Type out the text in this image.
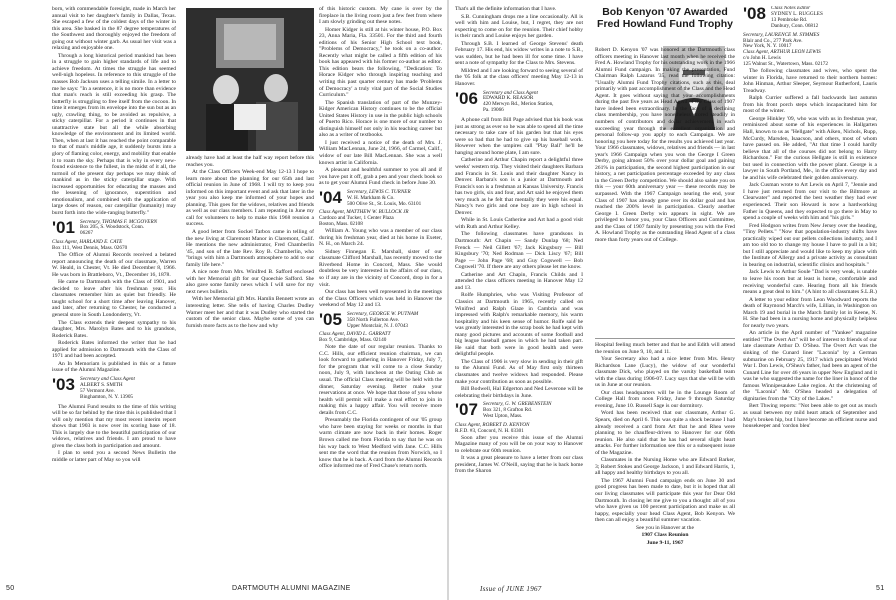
born, with commendable foresight, made in March her annual visit to her daughter's family in Dallas, Texas. She escaped a few of the coldest days of the winter in this area. She basked in the 87 degree temperatures of the Southwest and thoroughly enjoyed the freedom of going out without winter garb. As usual her visit was a relaxing and enjoyable one.

Through a long historical period mankind has been in a struggle to gain higher standards of life and to achieve freedom. At times the struggle has seemed well-nigh hopeless. In reference to this struggle of the masses Bob Jackson uses a telling simile. In a letter to me he says: "In a sentence, it is no more than evidence that man's reach is still exceeding his grasp. The butterfly is struggling to free itself from the cocoon. In time it emerges from its envelope into the sun but as an ugly, crawling thing, to be avoided as repulsive, a sticky caterpillar. For a period it continues in that unattractive state but all the while absorbing knowledge of the environment and its limited world. Then, when at last it has reached the point comparable to that of man's middle age, it suddenly bursts into a glory of flaming color, energy, and mobility that enable it to roam the sky. Perhaps that is why in every new-found existence to the fullest, in the midst of it all, the turmoil of the present day perhaps we may think of mankind as in the sticky caterpillar stage. With increased opportunities for educating the masses and the lessening of ignorance, superstition and emotionalism, and combined with the application of large doses of reason, our caterpillar (humanity) may burst forth into the wide-ranging butterfly."

'01 Secretary, THOMAS F. MCGOVERN
Box 205, S. Woodstock, Conn.
06267
Class Agent, HARLAND E. CATE
Box 111, West Dennis, Mass. 02670

The Office of Alumni Records received a belated report announcing the death of our classmate, Warren W. Heald, in Chester, Vt. He died December 8, 1966. He was born in Brattleboro, Vt., December 16, 1878.

He came to Dartmouth with the Class of 1901, and decided to leave after his freshman year. His classmates remember him as quiet but friendly. He taught school for a short time after leaving Hanover, and later, after returning to Chester, he conducted a general store in South Londonderry, Vt.

The Class extends their deepest sympathy to his daughter, Mrs. Marolyn Bates and to his grandson, Roderick Bates.

Roderick Bates informed the writer that he had applied for admission to Dartmouth with the Class of 1971 and had been accepted.

An In Memoriam is published in this or a future issue of the Alumni Magazine.

'03 Secretary and Class Agent
ALBERT S. SMITH
57 Vermont Ave.
Binghamton, N. Y. 13905

The Alumni Fund results to the time of this writing will be so far behind by the time this is published that I will only mention that my most recent interim report shows that 1903 is now over its scoring base of 18. This is largely due to the beautiful participation of our widows, relatives and friends. I am proud to have given the class both in participation and amount.

I plan to send you a second News Bulletin the middle or latter part of May so you will

already have had at least the half way report before this reaches you.

At the Class Officers Week-end May 12-13 I hope to learn more about the planning for our 65th and last official reunion in June of 1968. I will try to keep you informed on this important event and ask that later in the year you also keep me informed of your hopes and planning. This goes for the widows, relatives and friends as well as our class members. I am repeating in June my call for volunteers to help to make this 1968 reunion a success.

A good letter from Sockel Tarbox came in telling of the new living at Claremont Manor in Claremont, Calif. He mentions the new administrator, Fred Chamberlin '45, and son of the late Rev. Roy B. Chamberlin, who "brings with him a Dartmouth atmosphere to add to our family life here."

A nice note from Mrs. Winifred B. Safford enclosed with her Memorial gift for our Quoechie Safford. She also gave some family news which I will save for my next news bulletin.

With her Memorial gift Mrs. Hamlin Bennett wrote an interesting letter. She tells of having Charles Dudley Warner meet her and that it was Dudley who started the custom of the senior class. Maybe some of you can furnish more facts as to the how and why

of this historic custom. My cane is over by the fireplace in the living room just a few feet from where I am slowly grinding out these notes.

Homer Kidger is still at his winter house, P.O. Box 23, Anna Maria, Fla. 33501. For the third and fourth editions of his Senior High School text book, "Problems of Democracy," he took on a co-author. Recently what might be called a fifth edition of his book has appeared with his former co-author as editor. This edition bears the following, "Dedication: To Horace Kidger who through inspiring teaching and writing this past quarter century has made 'Problems of Democracy' a truly vital part of the Social Studies Curriculum."

The Spanish translation of part of the Munzey-Kidger American History continues to be the official United States History in use in the public high schools of Puerto Rico. Horace is one more of our number to distinguish himself not only in his teaching career but also as a writer of textbooks.

I just received a notice of the death of Mrs. J. William MacLennan, June 24, 1966, of Carmel, Calif., widow of our late Bill MacLennan. She was a well known artist in California.

A pleasant and healthful summer to you all and if you have put it off, grab a pen and your check book so as to get your Alumni Fund check in before June 30.

'04 Secretary, LEWIS C. TURNER
W. H. Markham & Co.
500 Olive St., St. Louis, Mo. 63101
Class Agent, MATTHEW W. BULLOCK JR
Cardozo and Tucker, 1 Center Plaza
Boston, Mass. 02108

William A. Young who was a member of our class during his freshman year, died at his home in Exeter, N. H., on March 24.

Sidney Finnegan E. Marshall, sister of our classmate Clifford Marshall, has recently moved to the Riverbend Home in Concord, Mass. She would doubtless be very interested in the affairs of our class, so if any are in the vicinity of Concord, drop in for a visit.

Our class has been well represented in the meetings of the Class Officers which was held in Hanover the weekend of May 12 and 13.

'05 Secretary, GEORGE W. PUTNAM
358 North Fullerton Ave.
Upper Montclair, N. J. 07043
Class Agent, DAVID L. GARRATT
Box 9, Cambridge, Mass. 02140

Note the date of our regular reunion. Thanks to C.C. Hills, our efficient reunion chairman, we can look forward to gathering in Hanover Friday, July 7, for the program that will come to a close Sunday noon, July 9, with luncheon at the Outing Club as usual. The official Class meeting will be held with the dinner, Saturday evening. Better make your reservations at once. We hope that those of you whose health will permit will make a real effort to join in making this a happy affair. You will receive more details from C.C.

Presumably the Florida contingent of our '05 group who have been staying for weeks or months in that warm climate are now back in their homes. Roger Brown called me from Florida to say that he was on his way back to West Medford with Jane. C.C. Hills sent me the word that the reunion from Norwich, so I know that he is back. A card from the Alumni Records office informed me of Fred Chase's return north.

That's all the definite information that I have.

S.B. Cunningham drops me a line occasionally. All is well with him and Louise, but, I regret, they are not expecting to come on for the reunion. Their chief hobby is their ranch and Louise enjoys her garden.

Through S.B. I learned of George Stevens' death February 17. His end, his widow writes in a note to S.B., was sudden, but he had been ill for some time. I have sent a note of sympathy for the Class to Mrs. Stevens.

Mildred and I are looking forward to seeing several of the '05 folk at the class officers' meeting May 12-13 in Hanover.

'06 Secretary and Class Agent
EDWARD K. REASOR
420 Merwyn Rd., Merion Station,
Pa. 19066

A phone call from Bill Page advised that his book was just as strong as ever so he was able to spend all the time necessary to take care of his garden but that his eyes were so bad that he had to give up his baseball work. However when the umpires call "Play Ball" he'll be hanging around home plate, I am sure.

Catherine and Arthur Chapin report a delightful three weeks' western trip. They visited their daughters Barbara and Francis in St. Louis and their daughter Nancy in Denver. Barbara's son is a junior at Dartmouth and Francis's son is a freshman at Kansas University. Francis has two girls, six and four, and Art said he enjoyed them very much as he felt that mentally they were his equal. Nancy's two girls and one boy are in high school in Denver.

While in St. Louis Catherine and Art had a good visit with Ruth and Arthur Kelley.

The following classmates have grandsons in Dartmouth: Art Chapin — Sandy Dunlap '68; Ned Frenck — Neil Gillett '67; Jack Kingsbury — Bill Kingsbury '70; Ned Rodman — Dick Liscy '67; Bill Page — John Page '68; and Guy Cogswell — Bob Cogswell '70. If there are any others please let me know.

Catherine and Art Chapin, Francis Childs and I attended the class officers meeting in Hanover May 12 and 13.

Rolfe Humphries, who was Visiting Professor of Classics at Dartmouth in 1965, recently called on Winifred and Ralph Glaze in Cambria and was impressed with Ralph's remarkable memory, his warm hospitality and his keen sense of humor. Rolfe said he was greatly interested in the scrap book he had kept with many good pictures and accounts of some football and big league baseball games in which he had taken part. He said that both were in good health and were delightful people.

The Class of 1906 is very slow in sending in their gift to the Alumni Fund. As of May first only thirteen classmates and twelve widows had responded. Please make your contribution as soon as possible.

Bill Bodwell, Hal Edgerton and Ned Leverone will be celebrating their birthdays in June.

'07 Secretary, G. W. GREBENSTEIN
Box 321, 8 Grafton Rd.
West Upton, Mass.
Class Agent, ROBERT D. KENYON
R.F.D. #3, Concord, N. H. 03301

Soon after you receive this issue of the Alumni Magazine many of you will be on your way to Hanover to celebrate our 60th reunion.

It was a great pleasure to have a letter from our class president, James W. O'Neill, saying that he is back home from the Sharon

Bob Kenyon '07 Awarded
Fred Howland Fund Trophy

Robert D. Kenyon '07 was honored at the Dartmouth class officers meeting in Hanover last month when he received the Fred A. Howland Trophy for his outstanding work in the 1966 Alumni Fund campaign. In making the presentation, Fund Chairman Ralph Lazarus '35, read the following citation: "Usually Alumni Fund Trophy citations, such as this, deal primarily with past accomplishment of the Class and the Head Agent. It goes without saying that your accomplishments during the past five years as Head Agent of the Class of 1907 have indeed been extraordinary. In the face of a declining class membership, you have nonetheless scored steadily in numbers of contributors and dollar achievement in each succeeding year through the excellent organization and personal follow-up you apply to each Campaign. We are honoring you here today for the results you achieved last year. Your 1966 classmates, widows, relatives and friends — in last year's 1966 Campaign when you won the George I Green Derby, going almost 50% over your dollar goal and gaining 261% in participation, the second highest participation in our history, a net participation percentage exceeded by any class in the Green Derby competition. We should also salute you on this — your 60th anniversary year — these records may be surpassed. With the 1967 Campaign nearing the end, your Class of 1907 has already gone over its dollar goal and has reached the 200% level in participation. Clearly another George I. Green Derby win appears in sight. We are privileged to honor you, your Class Officers and Committee, and the Class of 1907 family by presenting you with the Fred A. Howland Trophy as the outstanding Head Agent of a class more than forty years out of College.

Hospital feeling much better and that he and Edith will attend the reunion on June 9, 10, and 11.

Your Secretary also had a nice letter from Mrs. Henry Richardson Lane (Lucy), the widow of our wonderful classmate Dick, who played on the varsity basketball team with the class during 1906-07. Lucy says that she will be with us in June at our reunion.

Our class headquarters will be in the Lounge Room of College Hall from noon Friday, June 9 through Saturday evening, June 10. Russell Sage is our dormitory.

Word has been received that our classmate, Arthur G. Spears, died on April 6. This was quite a shock because I had already received a card from Art that he and Rhea were planning to be chauffeur-driven to Hanover for our 60th reunion. He also said that he has had several slight heart attacks. For further information see this or a subsequent issue of the Magazine.

Classmates in the Nursing Home who are Edward Barker, 3; Robert Stokes and George Jackson, 1 and Edward Harris, 1, all happy and healthy birthdays to you all.

The 1967 Alumni Fund campaign ends on June 30 and good progress has been made to date, but it is hoped that all our living classmates will participate this year for Dear Old Dartmouth. In closing let me give to you a thought: all of you who have given us 100 percent participation and make us all happy, especially your head Class Agent, Bob Kenyon. We then can all enjoy a beautiful summer vacation.

See you in Hanover at the

1907 Class Reunion

June 9-11, 1967

'08 Class Notes Editor
SYDNEY L. RUGGLES
13 Pembroke Rd.
Danbury, Conn. 06812
Secretary, LAURENCE M. SYMMES
Blair and Co., 277 Park Ave.
New York, N. Y. 10017
Class Agent, ARTHUR LEON LEWIS
c/o John H. Lewis
125 Walnut St., Watertown, Mass. 02172

The following classmates and wives, who spent the winter in Florida, have returned to their northern homes: John Hinman, Arthur Sleeper, Seymour Rutherford, Lauris Treadway.

Ralph Currier suffered a fall backwards last autumn from his front porch steps which incapacitated him for most of the winter.

George Hinkley '09, who was with us in freshman year, reminisced about some of his experiences in Hallgarten Hall, known to us as "Hellgate" with Aiken, Nichols, Rupp, McCurdy, Marsden, Isaacson, and others, most of whom have passed on. He added, "At that time I could hardly believe that all of the courses did not belong to Harry Richardson." For the curious Hellgate is still in existence but used in connection with the power plant. George is a lawyer in South Portland, Me., in the office every day and he and his wife celebrated their golden anniversary.

Jack Cusman wrote to Art Lewis on April 7, "Jennie and I have just returned from our visit to the Biltmore at Clearwater" and reported the best weather they had ever experienced. Their son Howard is now a hardworking Father in Queens, and they expected to go there in May to spend a couple of weeks with him and "his girls."

Fred Hodgson writes from New Jersey over the heading, "Tiny Pellets." "Now that population-industry shifts have practically wiped out our pellets collections industry, and I am too old too to change my house I have to pull in a bit; but I still appreciate and would like to keep my place with the Institute of Allergy and a private activity as consultant in bearing on industrial, scientific clinics and hospitals."

Jack Lewis to Arthur Soule "Dad is very weak, is unable to leave his room but at least is home, comfortable and receiving wonderful care. Hearing from all his friends means a great deal to him." (A hint to all classmates S.L.R.)

A letter to your editor from Leon Woodward reports the death of Raymond March's wife, Lillian, in Washington on March 19 and burial in the March family lot in Keene, N. H. She had been in a nursing home and physically helpless for nearly two years.

An article in the April number of "Yankee" magazine entitled "The Overt Act" will be of interest to friends of our late classmate Arthur D. O'Shea. The Overt Act was the sinking of the Cunard liner "Laconia" by a German submarine on February 25, 1917 which precipitated World War I. Don Lewis, O'Shea's father, had been an agent of the Cunard Line for over 46 years in upper New England and it was he who suggested the name for the liner in honor of the famous Winnipesaukee Lake region. At the christening of the "Laconia" Mr. O'Shea headed a delegation of dignitaries from the "City of the Lakes."

Bert Thwing reports: "Not been able to get out as much as usual between my mild heart attack of September and May's broken hip, but I have become an efficient nurse and housekeeper and 'cordon bleu'

50	DARTMOUTH ALUMNI MAGAZINE	Issue of JUNE 1967	51
